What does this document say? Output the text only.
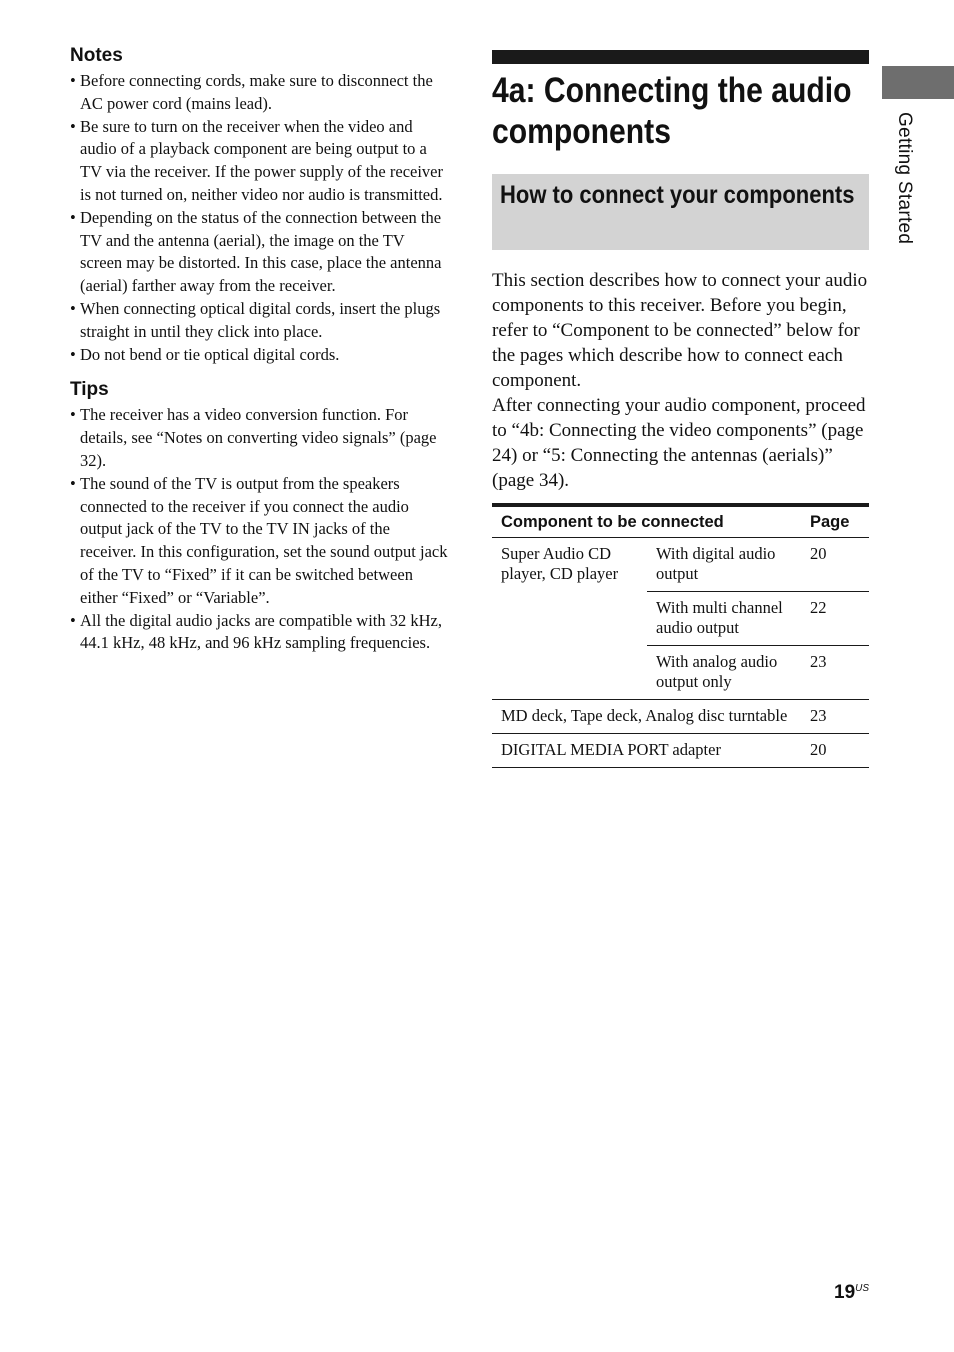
Notes
• Before connecting cords, make sure to disconnect the AC power cord (mains lead).
• Be sure to turn on the receiver when the video and audio of a playback component are being output to a TV via the receiver. If the power supply of the receiver is not turned on, neither video nor audio is transmitted.
• Depending on the status of the connection between the TV and the antenna (aerial), the image on the TV screen may be distorted. In this case, place the antenna (aerial) farther away from the receiver.
• When connecting optical digital cords, insert the plugs straight in until they click into place.
• Do not bend or tie optical digital cords.
Tips
• The receiver has a video conversion function. For details, see “Notes on converting video signals” (page 32).
• The sound of the TV is output from the speakers connected to the receiver if you connect the audio output jack of the TV to the TV IN jacks of the receiver. In this configuration, set the sound output jack of the TV to “Fixed” if it can be switched between either “Fixed” or “Variable”.
• All the digital audio jacks are compatible with 32 kHz, 44.1 kHz, 48 kHz, and 96 kHz sampling frequencies.
4a: Connecting the audio components
How to connect your components

This section describes how to connect your audio components to this receiver. Before you begin, refer to “Component to be connected” below for the pages which describe how to connect each component.

After connecting your audio component, proceed to “4b: Connecting the video components” (page 24) or “5: Connecting the antennas (aerials)” (page 34).

Component to be connected		Page
Super Audio CD player, CD player	With digital audio output	20
	With multi channel audio output	22
	With analog audio output only	23
MD deck, Tape deck, Analog disc turntable		23
DIGITAL MEDIA PORT adapter		20
Getting Started
$19^{US}$
